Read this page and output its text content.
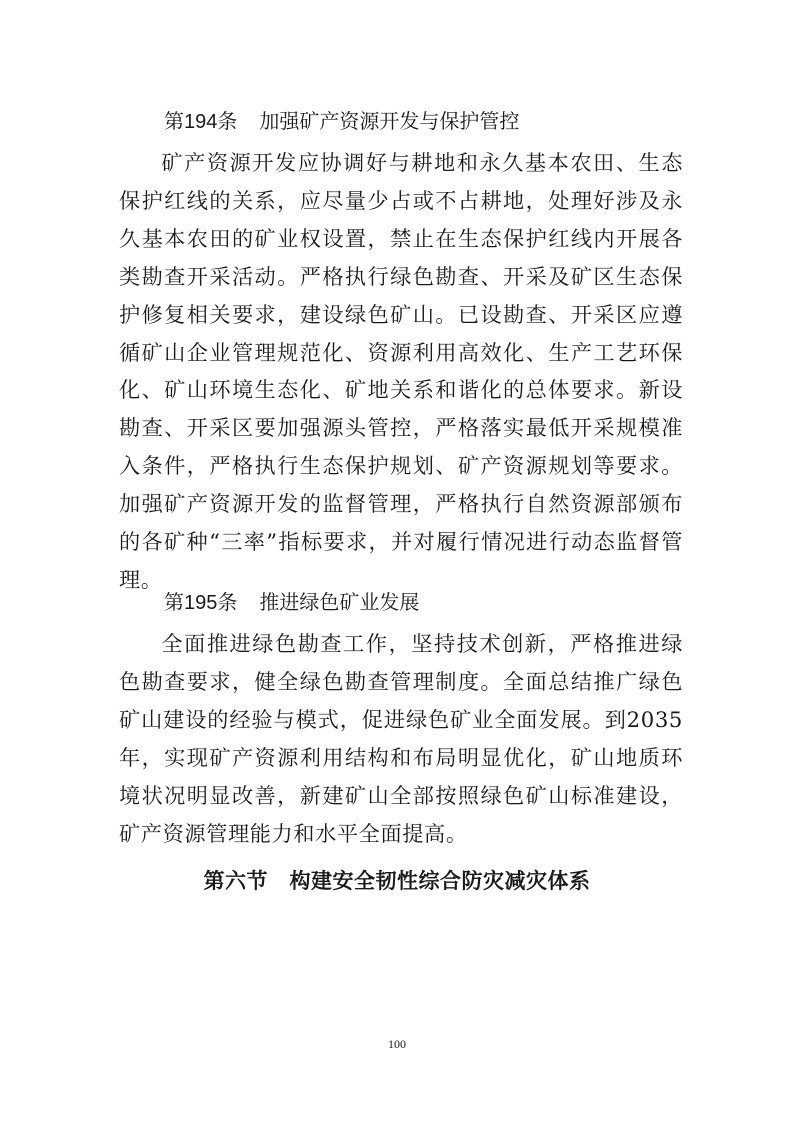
第194条 加强矿产资源开发与保护管控

矿产资源开发应协调好与耕地和永久基本农田、生态保护红线的关系，应尽量少占或不占耕地，处理好涉及永久基本农田的矿业权设置，禁止在生态保护红线内开展各类勘查开采活动。严格执行绿色勘查、开采及矿区生态保护修复相关要求，建设绿色矿山。已设勘查、开采区应遵循矿山企业管理规范化、资源利用高效化、生产工艺环保化、矿山环境生态化、矿地关系和谐化的总体要求。新设勘查、开采区要加强源头管控，严格落实最低开采规模准入条件，严格执行生态保护规划、矿产资源规划等要求。加强矿产资源开发的监督管理，严格执行自然资源部颁布的各矿种“三率”指标要求，并对履行情况进行动态监督管理。

第195条 推进绿色矿业发展

全面推进绿色勘查工作，坚持技术创新，严格推进绿色勘查要求，健全绿色勘查管理制度。全面总结推广绿色矿山建设的经验与模式，促进绿色矿业全面发展。到2035年，实现矿产资源利用结构和布局明显优化，矿山地质环境状况明显改善，新建矿山全部按照绿色矿山标准建设，矿产资源管理能力和水平全面提高。

第六节　构建安全韧性综合防灾减灾体系
100
